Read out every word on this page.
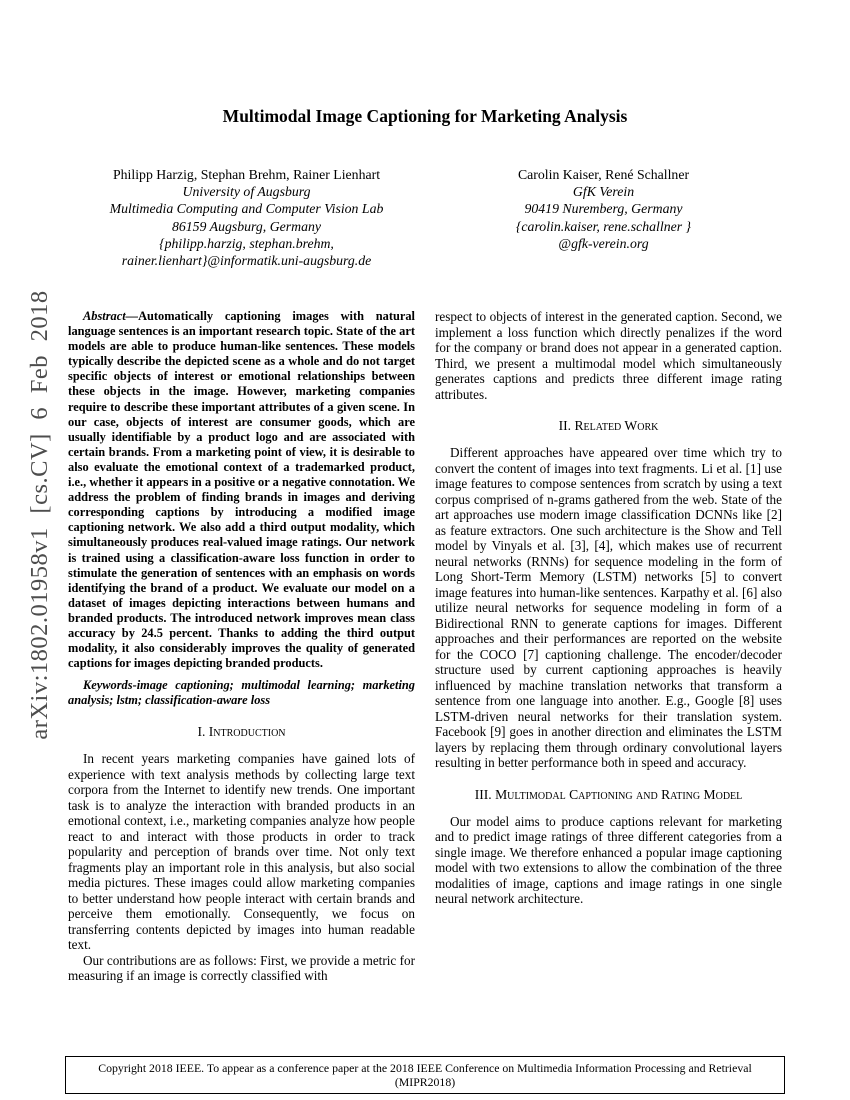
arXiv:1802.01958v1 [cs.CV] 6 Feb 2018
Multimodal Image Captioning for Marketing Analysis
Philipp Harzig, Stephan Brehm, Rainer Lienhart
University of Augsburg
Multimedia Computing and Computer Vision Lab
86159 Augsburg, Germany
{philipp.harzig, stephan.brehm,
rainer.lienhart}@informatik.uni-augsburg.de
Carolin Kaiser, René Schallner
GfK Verein
90419 Nuremberg, Germany
{carolin.kaiser, rene.schallner }
@gfk-verein.org

Abstract—Automatically captioning images with natural language sentences is an important research topic. State of the art models are able to produce human-like sentences. These models typically describe the depicted scene as a whole and do not target specific objects of interest or emotional relationships between these objects in the image. However, marketing companies require to describe these important attributes of a given scene. In our case, objects of interest are consumer goods, which are usually identifiable by a product logo and are associated with certain brands. From a marketing point of view, it is desirable to also evaluate the emotional context of a trademarked product, i.e., whether it appears in a positive or a negative connotation. We address the problem of finding brands in images and deriving corresponding captions by introducing a modified image captioning network. We also add a third output modality, which simultaneously produces real-valued image ratings. Our network is trained using a classification-aware loss function in order to stimulate the generation of sentences with an emphasis on words identifying the brand of a product. We evaluate our model on a dataset of images depicting interactions between humans and branded products. The introduced network improves mean class accuracy by 24.5 percent. Thanks to adding the third output modality, it also considerably improves the quality of generated captions for images depicting branded products.

Keywords-image captioning; multimodal learning; marketing analysis; lstm; classification-aware loss

I. Introduction

In recent years marketing companies have gained lots of experience with text analysis methods by collecting large text corpora from the Internet to identify new trends. One important task is to analyze the interaction with branded products in an emotional context, i.e., marketing companies analyze how people react to and interact with those products in order to track popularity and perception of brands over time. Not only text fragments play an important role in this analysis, but also social media pictures. These images could allow marketing companies to better understand how people interact with certain brands and perceive them emotionally. Consequently, we focus on transferring contents depicted by images into human readable text.

Our contributions are as follows: First, we provide a metric for measuring if an image is correctly classified with

respect to objects of interest in the generated caption. Second, we implement a loss function which directly penalizes if the word for the company or brand does not appear in a generated caption. Third, we present a multimodal model which simultaneously generates captions and predicts three different image rating attributes.

II. Related Work

Different approaches have appeared over time which try to convert the content of images into text fragments. Li et al. [1] use image features to compose sentences from scratch by using a text corpus comprised of n-grams gathered from the web. State of the art approaches use modern image classification DCNNs like [2] as feature extractors. One such architecture is the Show and Tell model by Vinyals et al. [3], [4], which makes use of recurrent neural networks (RNNs) for sequence modeling in the form of Long Short-Term Memory (LSTM) networks [5] to convert image features into human-like sentences. Karpathy et al. [6] also utilize neural networks for sequence modeling in form of a Bidirectional RNN to generate captions for images. Different approaches and their performances are reported on the website for the COCO [7] captioning challenge. The encoder/decoder structure used by current captioning approaches is heavily influenced by machine translation networks that transform a sentence from one language into another. E.g., Google [8] uses LSTM-driven neural networks for their translation system. Facebook [9] goes in another direction and eliminates the LSTM layers by replacing them through ordinary convolutional layers resulting in better performance both in speed and accuracy.

III. Multimodal Captioning and Rating Model

Our model aims to produce captions relevant for marketing and to predict image ratings of three different categories from a single image. We therefore enhanced a popular image captioning model with two extensions to allow the combination of the three modalities of image, captions and image ratings in one single neural network architecture.

Copyright 2018 IEEE. To appear as a conference paper at the 2018 IEEE Conference on Multimedia Information Processing and Retrieval (MIPR2018)
